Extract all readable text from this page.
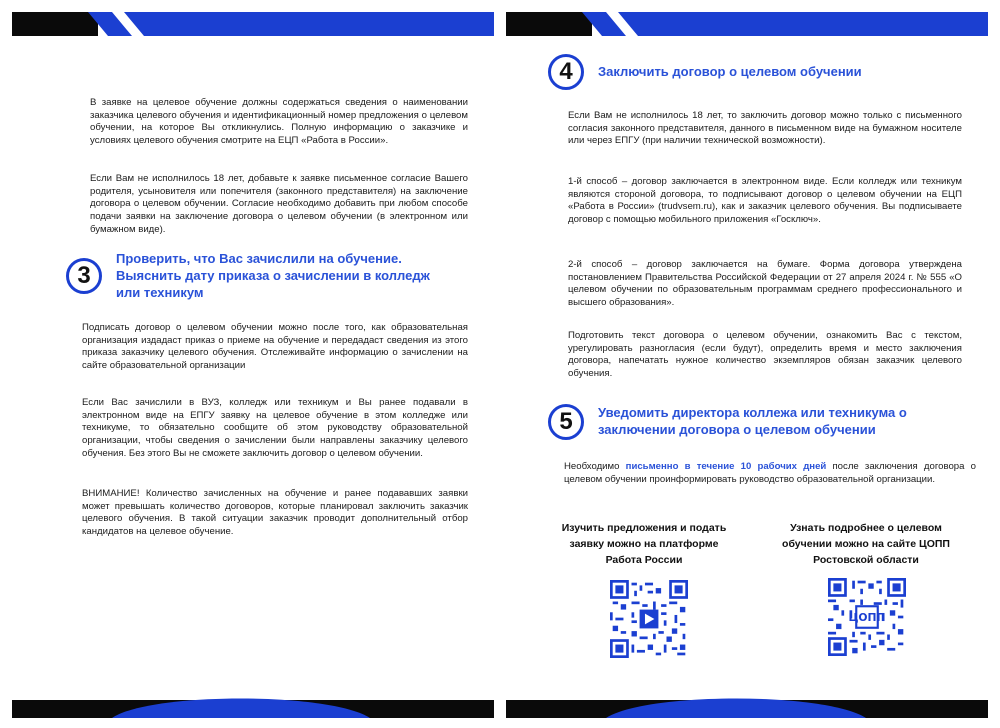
В заявке на целевое обучение должны содержаться сведения о наименовании заказчика целевого обучения и идентификационный номер предложения о целевом обучении, на которое Вы откликнулись. Полную информацию о заказчике и условиях целевого обучения смотрите на ЕЦП «Работа в России».

Если Вам не исполнилось 18 лет, добавьте к заявке письменное согласие Вашего родителя, усыновителя или попечителя (законного представителя) на заключение договора о целевом обучении. Согласие необходимо добавить при любом способе подачи заявки на заключение договора о целевом обучении (в электронном или бумажном виде).

3

Проверить, что Вас зачислили на обучение. Выяснить дату приказа о зачислении в колледж или техникум

Подписать договор о целевом обучении можно после того, как образовательная организация издадаст приказ о приеме на обучение и передадаст сведения из этого приказа заказчику целевого обучения. Отслеживайте информацию о зачислении на сайте образовательной организации

Если Вас зачислили в ВУЗ, колледж или техникум и Вы ранее подавали в электронном виде на ЕПГУ заявку на целевое обучение в этом колледже или техникуме, то обязательно сообщите об этом руководству образовательной организации, чтобы сведения о зачислении были направлены заказчику целевого обучения. Без этого Вы не сможете заключить договор о целевом обучении.

ВНИМАНИЕ! Количество зачисленных на обучение и ранее подававших заявки может превышать количество договоров, которые планировал заключить заказчик целевого обучения. В такой ситуации заказчик проводит дополнительный отбор кандидатов на целевое обучение.

4	Заключить договор о целевом обучении

Если Вам не исполнилось 18 лет, то заключить договор можно только с письменного согласия законного представителя, данного в письменном виде на бумажном носителе или через ЕПГУ (при наличии технической возможности).

1-й способ – договор заключается в электронном виде. Если колледж или техникум являются стороной договора, то подписывают договор о целевом обучении на ЕЦП «Работа в России» (trudvsem.ru), как и заказчик целевого обучения. Вы подписываете договор с помощью мобильного приложения «Госключ».

2-й способ – договор заключается на бумаге. Форма договора утверждена постановлением Правительства Российской Федерации от 27 апреля 2024 г. № 555 «О целевом обучении по образовательным программам среднего профессионального и высшего образования».

Подготовить текст договора о целевом обучении, ознакомить Вас с текстом, урегулировать разногласия (если будут), определить время и место заключения договора, напечатать нужное количество экземпляров обязан заказчик целевого обучения.

5	Уведомить директора коллежа или техникума о заключении договора о целевом обучении

Необходимо письменно в течение 10 рабочих дней после заключения договора о целевом обучении проинформировать руководство образовательной организации.

Изучить предложения и подать заявку можно на платформе Работа России

Узнать подробнее о целевом обучении можно на сайте ЦОПП Ростовской области

ЦОПП
